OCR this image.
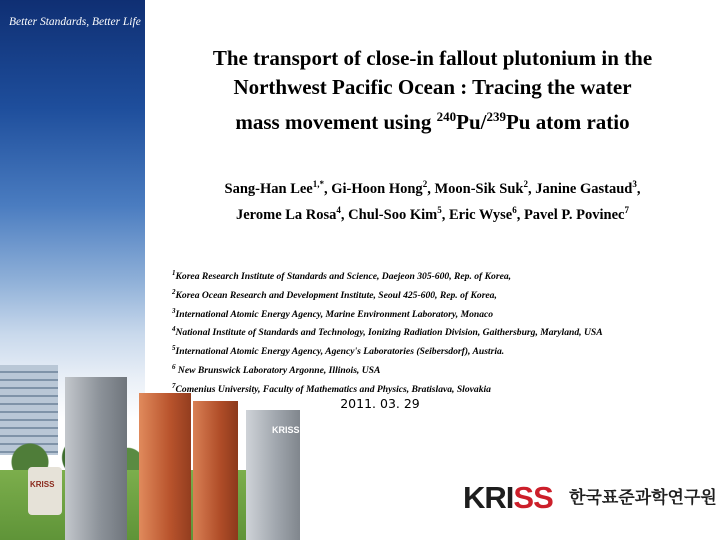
Better Standards, Better Life
KRISS
KRISS
The transport of close-in fallout plutonium in the
Northwest Pacific Ocean : Tracing the water
mass movement using $^{240}$Pu/$^{239}$Pu atom ratio
Sang-Han Lee$^{1,*}$, Gi-Hoon Hong$^2$, Moon-Sik Suk$^2$, Janine Gastaud$^3$,
Jerome La Rosa$^4$, Chul-Soo Kim$^5$, Eric Wyse$^6$, Pavel P. Povinec$^7$
$^1$Korea Research Institute of Standards and Science, Daejeon 305-600, Rep. of Korea,
$^2$Korea Ocean Research and Development Institute, Seoul 425-600, Rep. of Korea,
$^3$International Atomic Energy Agency, Marine Environment Laboratory, Monaco
$^4$National Institute of Standards and Technology, Ionizing Radiation Division, Gaithersburg, Maryland, USA
$^5$International Atomic Energy Agency, Agency's Laboratories (Seibersdorf), Austria.
$^6$ New Brunswick Laboratory Argonne, Illinois, USA
$^7$Comenius University, Faculty of Mathematics and Physics, Bratislava, Slovakia
2011. 03. 29
KRISS 한국표준과학연구원
